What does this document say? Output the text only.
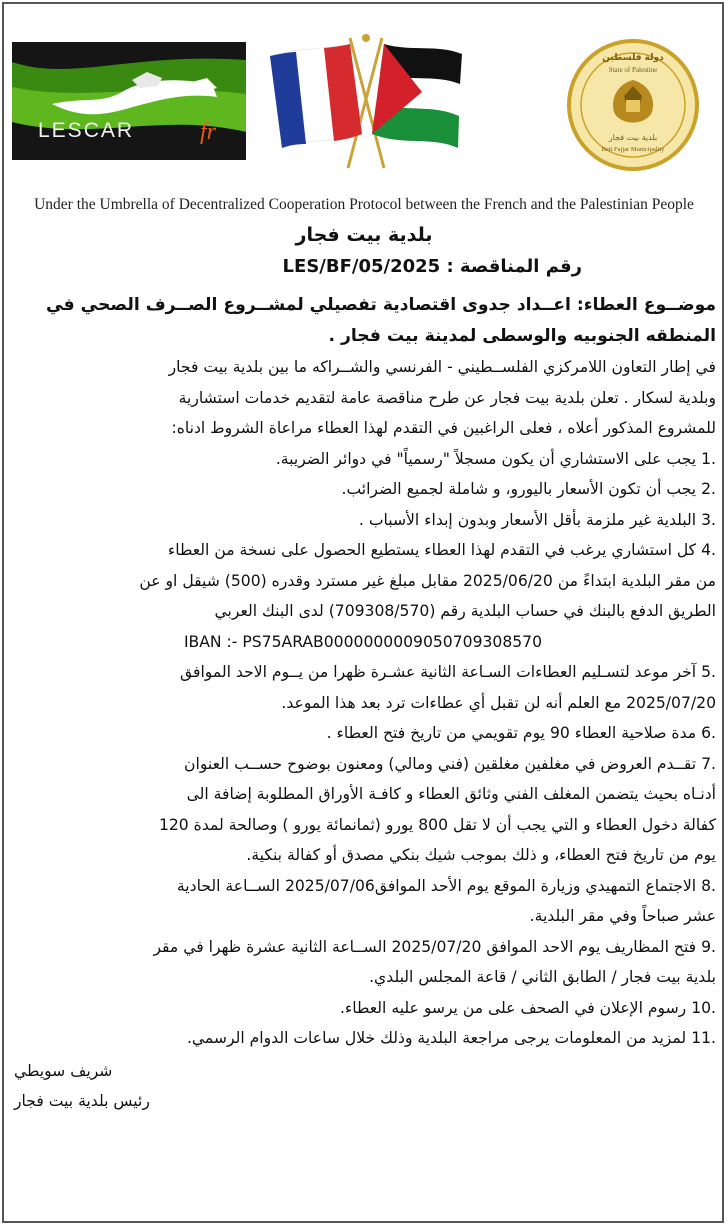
LESCAR	fr
دولة فلسطين
State of Palestine
بلدية بيت فجار
Beit Fajjar Municipality
Under the Umbrella of Decentralized Cooperation Protocol between the French and the Palestinian People
بلدية بيت فجار
رقم المناقصة : LES/BF/05/2025
موضــوع العطاء: اعــداد جدوى اقتصادية تفصيلي لمشــروع الصــرف الصحي في
المنطقه الجنوبيه والوسطى لمدينة بيت فجار .
في إطار التعاون اللامركزي الفلســطيني - الفرنسي والشــراكه ما بين بلدية بيت فجار
وبلدية لسكار . تعلن بلدية بيت فجار عن طرح مناقصة عامة لتقديم خدمات استشارية
للمشروع المذكور أعلاه ، فعلى الراغبين في التقدم لهذا العطاء مراعاة الشروط ادناه:
1.
يجب على الاستشاري أن يكون مسجلاً "رسمياً" في دوائر الضريبة.
2.
يجب أن تكون الأسعار باليورو، و شاملة لجميع الضرائب.
3.
البلدية غير ملزمة بأقل الأسعار وبدون إبداء الأسباب .
4.
كل استشاري يرغب في التقدم لهذا العطاء يستطيع الحصول على نسخة من العطاء
من مقر البلدية ابتداءً من 2025/06/20 مقابل مبلغ غير مسترد وقدره (500) شيقل او عن
الطريق الدفع بالبنك في حساب البلدية رقم (709308/570) لدى البنك العربي
IBAN :- PS75ARAB000000000905070930857​0
5.
آخر موعد لتسـليم العطاءات السـاعة الثانية عشـرة ظهرا من يــوم الاحد الموافق
2025/07/20 مع العلم أنه لن تقبل أي عطاءات ترد بعد هذا الموعد.
6.
مدة صلاحية العطاء 90 يوم تقويمي من تاريخ فتح العطاء .
7.
تقــدم العروض في مغلفين مغلقين (فني ومالي) ومعنون بوضوح حســب العنوان
أدنـاه بحيث يتضمن المغلف الفني وثائق العطاء و كافـة الأوراق المطلوبة إضافة الى
كفالة دخول العطاء و التي يجب أن لا تقل 800 يورو (ثمانمائة يورو ) وصالحة لمدة 120
يوم من تاريخ فتح العطاء، و ذلك بموجب شيك بنكي مصدق أو كفالة بنكية.
8.
الاجتماع التمهيدي وزيارة الموقع يوم الأحد الموافق2025/07/06 الســاعة الحادية
عشر صباحاً وفي مقر البلدية.
9.
فتح المظاريف يوم الاحد الموافق 2025/07/20 الســاعة الثانية عشرة ظهرا في مقر
بلدية بيت فجار / الطابق الثاني / قاعة المجلس البلدي.
10.
رسوم الإعلان في الصحف على من يرسو عليه العطاء.
11.
لمزيد من المعلومات يرجى مراجعة البلدية وذلك خلال ساعات الدوام الرسمي.
شريف سويطي
رئيس بلدية بيت فجار
